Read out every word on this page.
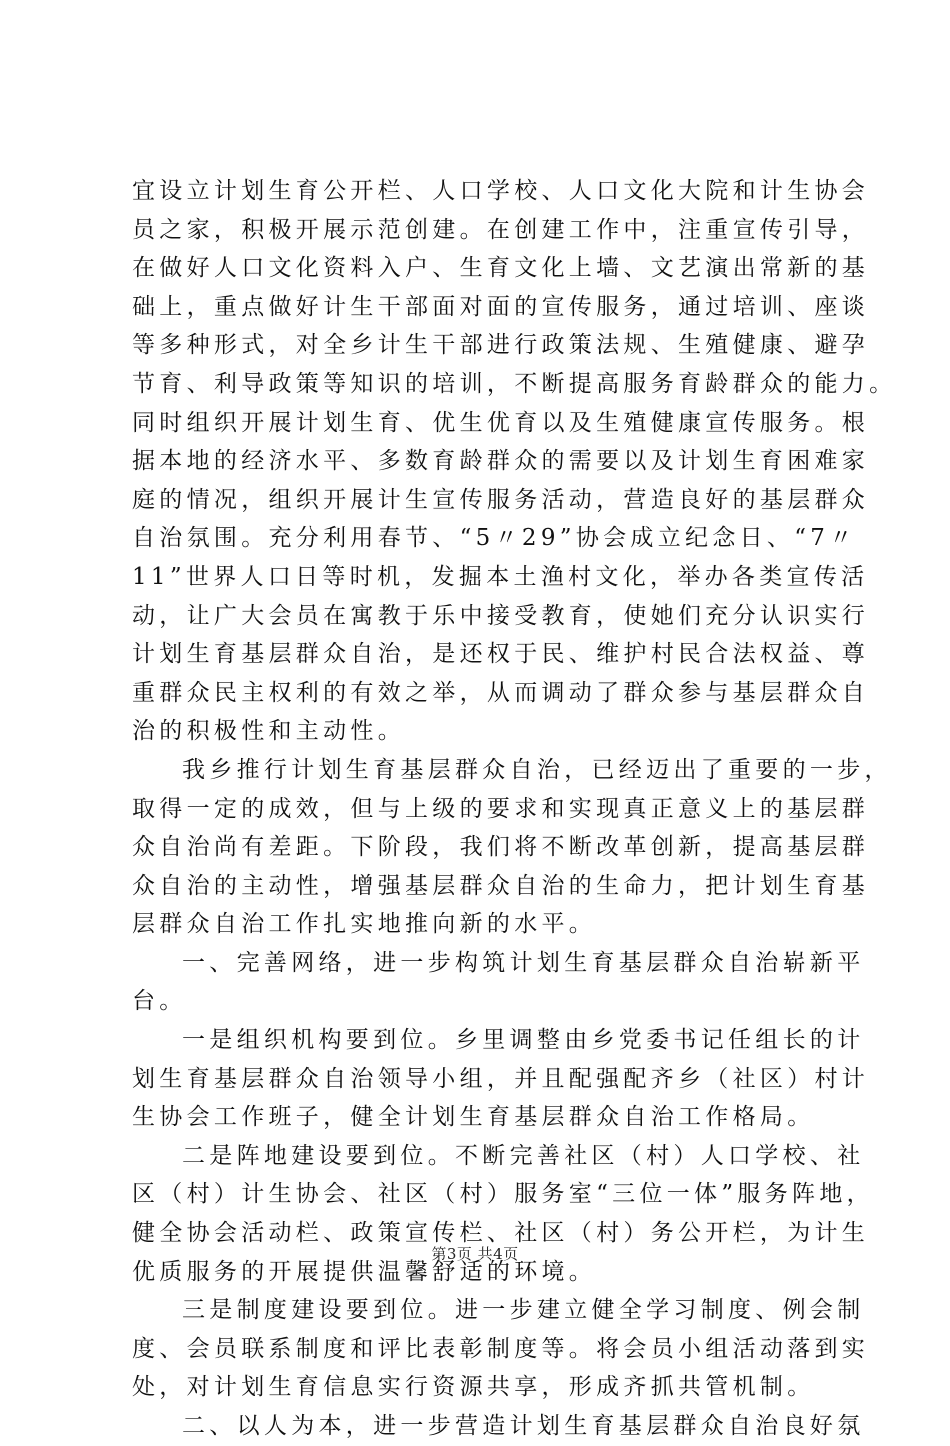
宜设立计划生育公开栏、人口学校、人口文化大院和计生协会
员之家，积极开展示范创建。在创建工作中，注重宣传引导，
在做好人口文化资料入户、生育文化上墙、文艺演出常新的基
础上，重点做好计生干部面对面的宣传服务，通过培训、座谈
等多种形式，对全乡计生干部进行政策法规、生殖健康、避孕
节育、利导政策等知识的培训，不断提高服务育龄群众的能力。
同时组织开展计划生育、优生优育以及生殖健康宣传服务。根
据本地的经济水平、多数育龄群众的需要以及计划生育困难家
庭的情况，组织开展计生宣传服务活动，营造良好的基层群众
自治氛围。充分利用春节、“5〃29”协会成立纪念日、“7〃
11”世界人口日等时机，发掘本土渔村文化，举办各类宣传活
动，让广大会员在寓教于乐中接受教育，使她们充分认识实行
计划生育基层群众自治，是还权于民、维护村民合法权益、尊
重群众民主权利的有效之举，从而调动了群众参与基层群众自
治的积极性和主动性。
我乡推行计划生育基层群众自治，已经迈出了重要的一步，
取得一定的成效，但与上级的要求和实现真正意义上的基层群
众自治尚有差距。下阶段，我们将不断改革创新，提高基层群
众自治的主动性，增强基层群众自治的生命力，把计划生育基
层群众自治工作扎实地推向新的水平。
一、完善网络，进一步构筑计划生育基层群众自治崭新平
台。
一是组织机构要到位。乡里调整由乡党委书记任组长的计
划生育基层群众自治领导小组，并且配强配齐乡（社区）村计
生协会工作班子，健全计划生育基层群众自治工作格局。
二是阵地建设要到位。不断完善社区（村）人口学校、社
区（村）计生协会、社区（村）服务室“三位一体”服务阵地，
健全协会活动栏、政策宣传栏、社区（村）务公开栏，为计生
优质服务的开展提供温馨舒适的环境。
三是制度建设要到位。进一步建立健全学习制度、例会制
度、会员联系制度和评比表彰制度等。将会员小组活动落到实
处，对计划生育信息实行资源共享，形成齐抓共管机制。
二、以人为本，进一步营造计划生育基层群众自治良好氛
第3页 共4页
